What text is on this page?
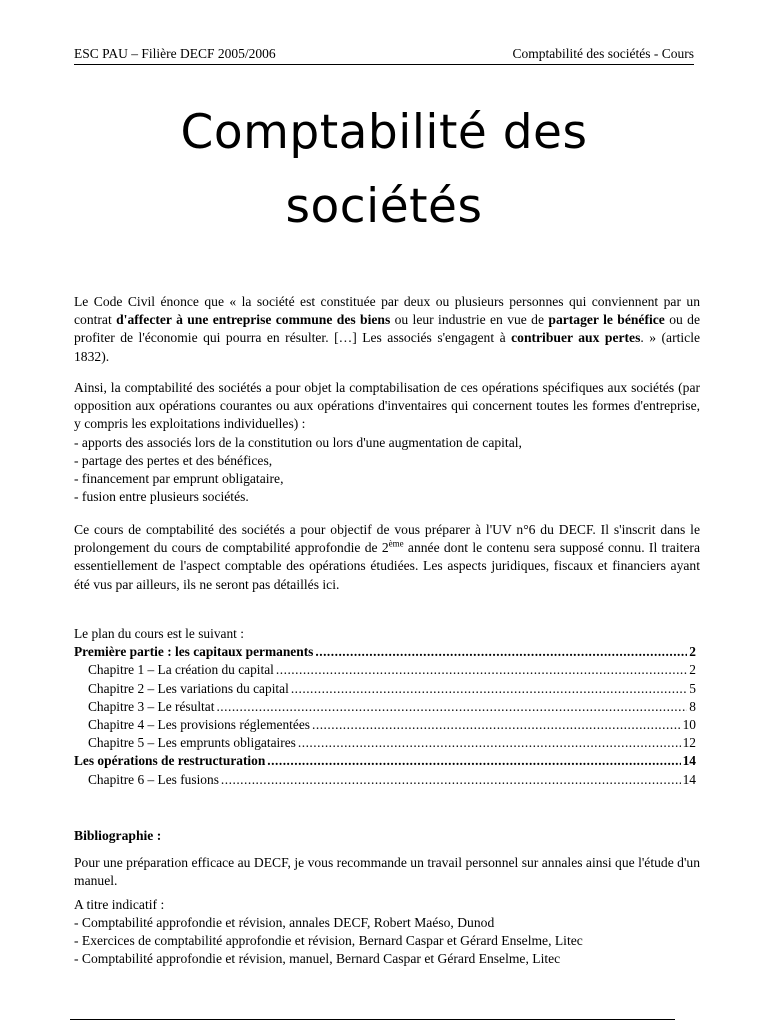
ESC PAU – Filière DECF 2005/2006	Comptabilité des sociétés - Cours
Comptabilité des
sociétés

Le Code Civil énonce que « la société est constituée par deux ou plusieurs personnes qui conviennent par un contrat d'affecter à une entreprise commune des biens ou leur industrie en vue de partager le bénéfice ou de profiter de l'économie qui pourra en résulter. […] Les associés s'engagent à contribuer aux pertes. » (article 1832).

Ainsi, la comptabilité des sociétés a pour objet la comptabilisation de ces opérations spécifiques aux sociétés (par opposition aux opérations courantes ou aux opérations d'inventaires qui concernent toutes les formes d'entreprise, y compris les exploitations individuelles) :

- apports des associés lors de la constitution ou lors d'une augmentation de capital,
- partage des pertes et des bénéfices,
- financement par emprunt obligataire,
- fusion entre plusieurs sociétés.

Ce cours de comptabilité des sociétés a pour objectif de vous préparer à l'UV n°6 du DECF. Il s'inscrit dans le prolongement du cours de comptabilité approfondie de 2ème année dont le contenu sera supposé connu. Il traitera essentiellement de l'aspect comptable des opérations étudiées. Les aspects juridiques, fiscaux et financiers ayant été vus par ailleurs, ils ne seront pas détaillés ici.

Le plan du cours est le suivant :
Première partie : les capitaux permanents .....	2
Chapitre 1 – La création du capital .....	2
Chapitre 2 – Les variations du capital .....	5
Chapitre 3 – Le résultat .....	8
Chapitre 4 – Les provisions réglementées .....	10
Chapitre 5 – Les emprunts obligataires .....	12
Les opérations de restructuration .....	14
Chapitre 6 – Les fusions .....	14
Bibliographie :

Pour une préparation efficace au DECF, je vous recommande un travail personnel sur annales ainsi que l'étude d'un manuel.

A titre indicatif :
- Comptabilité approfondie et révision, annales DECF, Robert Maéso, Dunod
- Exercices de comptabilité approfondie et révision, Bernard Caspar et Gérard Enselme, Litec
- Comptabilité approfondie et révision, manuel, Bernard Caspar et Gérard Enselme, Litec
